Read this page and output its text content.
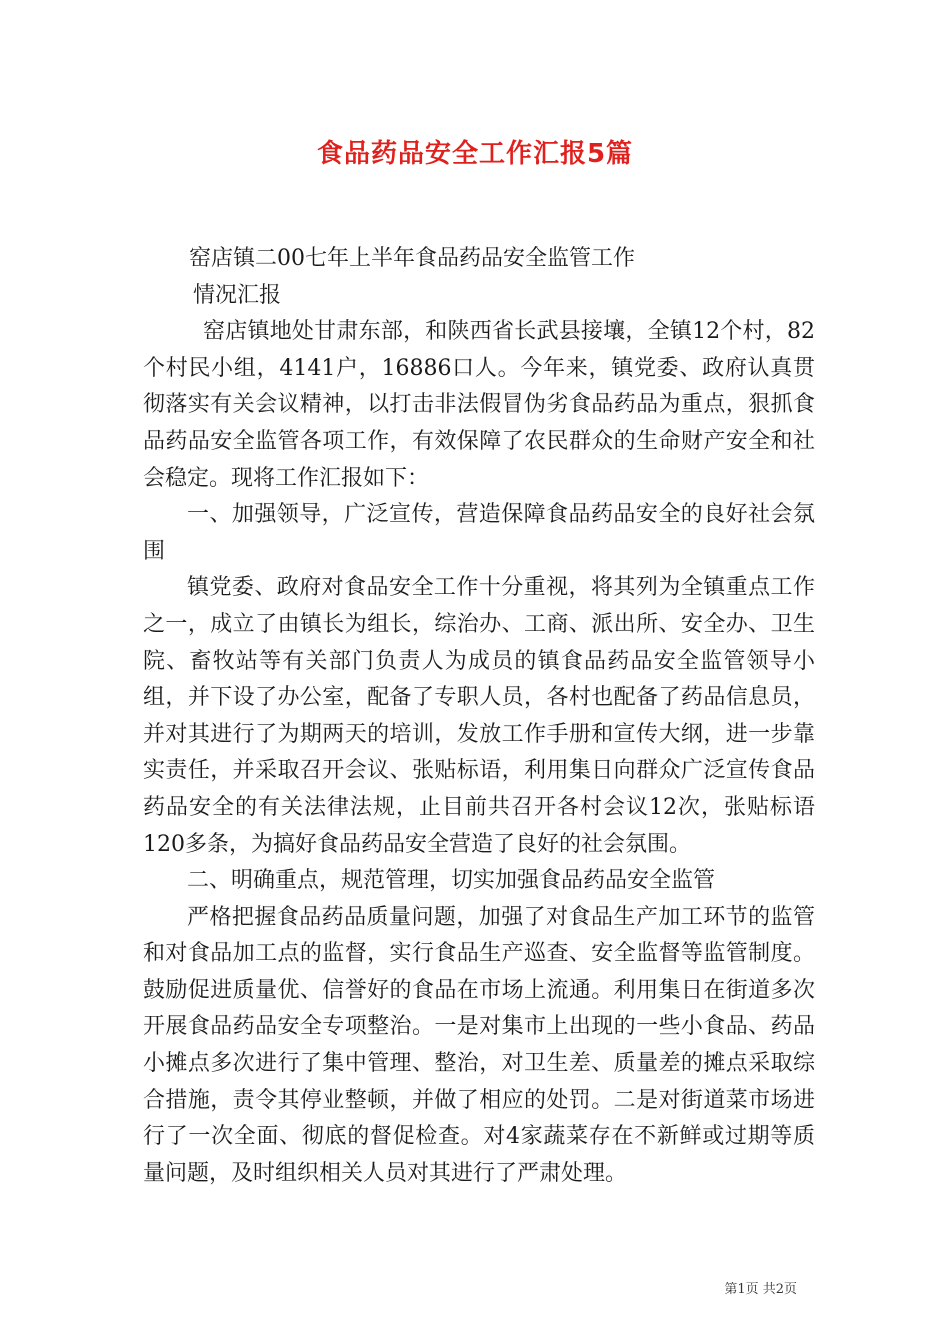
食品药品安全工作汇报5篇

窑店镇二00七年上半年食品药品安全监管工作

情况汇报

窑店镇地处甘肃东部，和陕西省长武县接壤，全镇12个村，82个村民小组，4141户，16886口人。今年来，镇党委、政府认真贯彻落实有关会议精神，以打击非法假冒伪劣食品药品为重点，狠抓食品药品安全监管各项工作，有效保障了农民群众的生命财产安全和社会稳定。现将工作汇报如下：

一、加强领导，广泛宣传，营造保障食品药品安全的良好社会氛围

镇党委、政府对食品安全工作十分重视，将其列为全镇重点工作之一，成立了由镇长为组长，综治办、工商、派出所、安全办、卫生院、畜牧站等有关部门负责人为成员的镇食品药品安全监管领导小组，并下设了办公室，配备了专职人员，各村也配备了药品信息员，并对其进行了为期两天的培训，发放工作手册和宣传大纲，进一步靠实责任，并采取召开会议、张贴标语，利用集日向群众广泛宣传食品药品安全的有关法律法规，止目前共召开各村会议12次，张贴标语120多条，为搞好食品药品安全营造了良好的社会氛围。

二、明确重点，规范管理，切实加强食品药品安全监管

严格把握食品药品质量问题，加强了对食品生产加工环节的监管和对食品加工点的监督，实行食品生产巡查、安全监督等监管制度。鼓励促进质量优、信誉好的食品在市场上流通。利用集日在街道多次开展食品药品安全专项整治。一是对集市上出现的一些小食品、药品小摊点多次进行了集中管理、整治，对卫生差、质量差的摊点采取综合措施，责令其停业整顿，并做了相应的处罚。二是对街道菜市场进行了一次全面、彻底的督促检查。对4家蔬菜存在不新鲜或过期等质量问题，及时组织相关人员对其进行了严肃处理。

第1页 共2页
